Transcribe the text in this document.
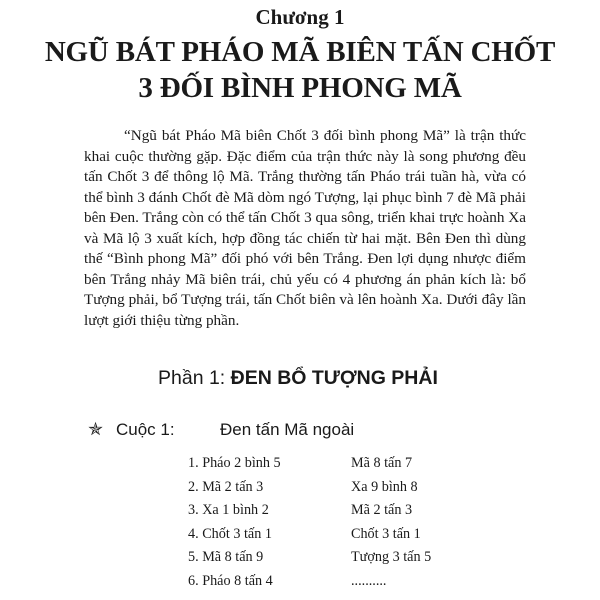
Chương 1
NGŨ BÁT PHÁO MÃ BIÊN TẤN CHỐT
3 ĐỐI BÌNH PHONG MÃ

“Ngũ bát Pháo Mã biên Chốt 3 đối bình phong Mã” là trận thức khai cuộc thường gặp. Đặc điểm của trận thức này là song phương đều tấn Chốt 3 để thông lộ Mã. Trắng thường tấn Pháo trái tuần hà, vừa có thể bình 3 đánh Chốt đè Mã dòm ngó Tượng, lại phục bình 7 đè Mã phải bên Đen. Trắng còn có thể tấn Chốt 3 qua sông, triển khai trực hoành Xa và Mã lộ 3 xuất kích, hợp đồng tác chiến từ hai mặt. Bên Đen thì dùng thế “Bình phong Mã” đối phó với bên Trắng. Đen lợi dụng nhược điểm bên Trắng nhảy Mã biên trái, chủ yếu có 4 phương án phản kích là: bổ Tượng phải, bổ Tượng trái, tấn Chốt biên và lên hoành Xa. Dưới đây lần lượt giới thiệu từng phần.

Phần 1: ĐEN BỔ TƯỢNG PHẢI
✯ Cuộc 1:	Đen tấn Mã ngoài
1. Pháo 2 bình 5	Mã 8 tấn 7
2. Mã 2 tấn 3	Xa 9 bình 8
3. Xa 1 bình 2	Mã 2 tấn 3
4. Chốt 3 tấn 1	Chốt 3 tấn 1
5. Mã 8 tấn 9	Tượng 3 tấn 5
6. Pháo 8 tấn 4	..........
